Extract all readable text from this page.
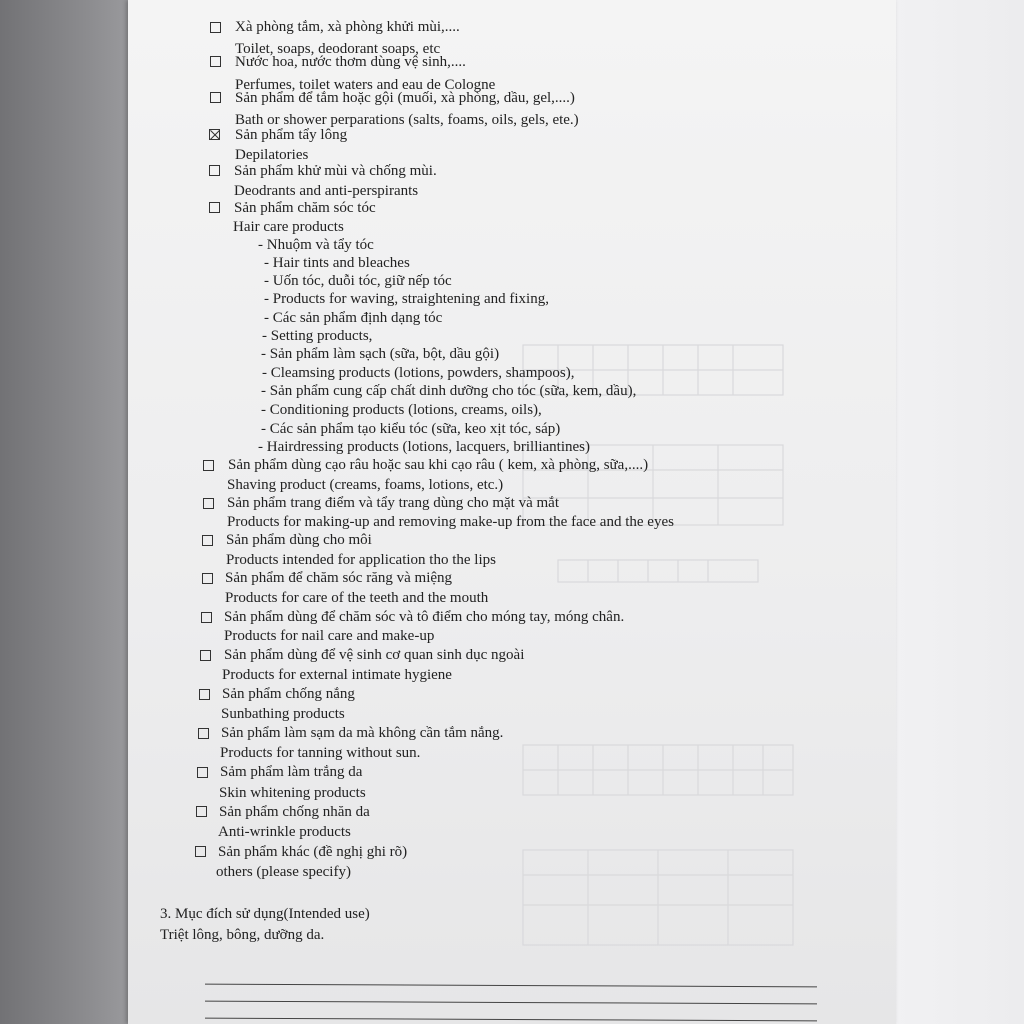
Xà phòng tắm, xà phòng khửi mùi,....
Toilet, soaps, deodorant soaps, etc
Nước hoa, nước thơm dùng vệ sinh,....
Perfumes, toilet waters and eau de Cologne
Sản phẩm để tắm hoặc gội (muối, xà phòng, dầu, gel,....)
Bath or shower perparations (salts, foams, oils, gels, ete.)
Sản phẩm tẩy lông
Depilatories
Sản phẩm khử mùi và chống mùi.
Deodrants and anti-perspirants
Sản phẩm chăm sóc tóc
Hair care products
- Nhuộm và tẩy tóc
- Hair tints and bleaches
- Uốn tóc, duỗi tóc, giữ nếp tóc
- Products for waving, straightening and fixing,
- Các sản phẩm định dạng tóc
- Setting products,
- Sản phẩm làm sạch (sữa, bột, dầu gội)
- Cleamsing products (lotions, powders, shampoos),
- Sản phẩm cung cấp chất dinh dưỡng cho tóc (sữa, kem, dầu),
- Conditioning products (lotions, creams, oils),
- Các sản phẩm tạo kiểu tóc (sữa, keo xịt tóc, sáp)
- Hairdressing products (lotions, lacquers, brilliantines)
Sản phẩm dùng cạo râu hoặc sau khi cạo râu ( kem, xà phòng, sữa,....)
Shaving product (creams, foams, lotions, etc.)
Sản phẩm trang điểm và tẩy trang dùng cho mặt và mắt
Products for making-up and removing make-up from the face and the eyes
Sản phẩm dùng cho môi
Products intended for application tho the lips
Sản phẩm để chăm sóc răng và miệng
Products for care of the teeth and the mouth
Sản phẩm dùng để chăm sóc và tô điểm cho móng tay, móng chân.
Products for nail care and make-up
Sản phẩm dùng để vệ sinh cơ quan sinh dục ngoài
Products for external intimate hygiene
Sản phẩm chống nắng
Sunbathing products
Sản phẩm làm sạm da mà không cần tắm nắng.
Products for tanning without sun.
Sảm phẩm làm trắng da
Skin whitening products
Sản phẩm chống nhăn da
Anti-wrinkle products
Sản phẩm khác (đề nghị ghi rõ)
others (please specify)
3. Mục đích sử dụng(Intended use)
Triệt lông, bông, dưỡng da.
